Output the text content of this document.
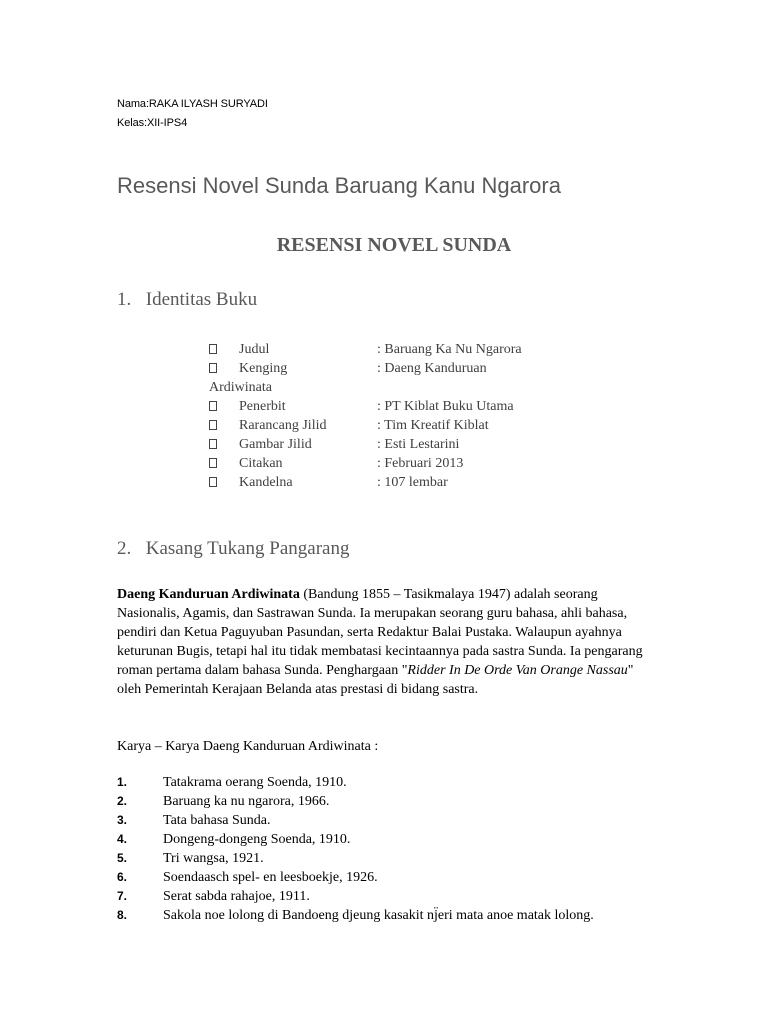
Nama:RAKA ILYASH SURYADI
Kelas:XII-IPS4
Resensi Novel Sunda Baruang Kanu Ngarora
RESENSI NOVEL SUNDA
1. Identitas Buku
Judul	: Baruang Ka Nu Ngarora
Kenging	: Daeng Kanduruan
Ardiwinata
Penerbit	: PT Kiblat Buku Utama
Rarancang Jilid	: Tim Kreatif Kiblat
Gambar Jilid	: Esti Lestarini
Citakan	: Februari 2013
Kandelna	: 107 lembar
2. Kasang Tukang Pangarang
Daeng Kanduruan Ardiwinata (Bandung 1855 – Tasikmalaya 1947) adalah seorang Nasionalis, Agamis, dan Sastrawan Sunda. Ia merupakan seorang guru bahasa, ahli bahasa, pendiri dan Ketua Paguyuban Pasundan, serta Redaktur Balai Pustaka. Walaupun ayahnya keturunan Bugis, tetapi hal itu tidak membatasi kecintaannya pada sastra Sunda. Ia pengarang roman pertama dalam bahasa Sunda. Penghargaan "Ridder In De Orde Van Orange Nassau" oleh Pemerintah Kerajaan Belanda atas prestasi di bidang sastra.
Karya – Karya Daeng Kanduruan Ardiwinata :
1.	Tatakrama oerang Soenda, 1910.
2.	Baruang ka nu ngarora, 1966.
3.	Tata bahasa Sunda.
4.	Dongeng-dongeng Soenda, 1910.
5.	Tri wangsa, 1921.
6.	Soendaasch spel- en leesboekje, 1926.
7.	Serat sabda rahajoe, 1911.
8.	Sakola noe lolong di Bandoeng djeung kasakit nj̈eri mata anoe matak lolong.
